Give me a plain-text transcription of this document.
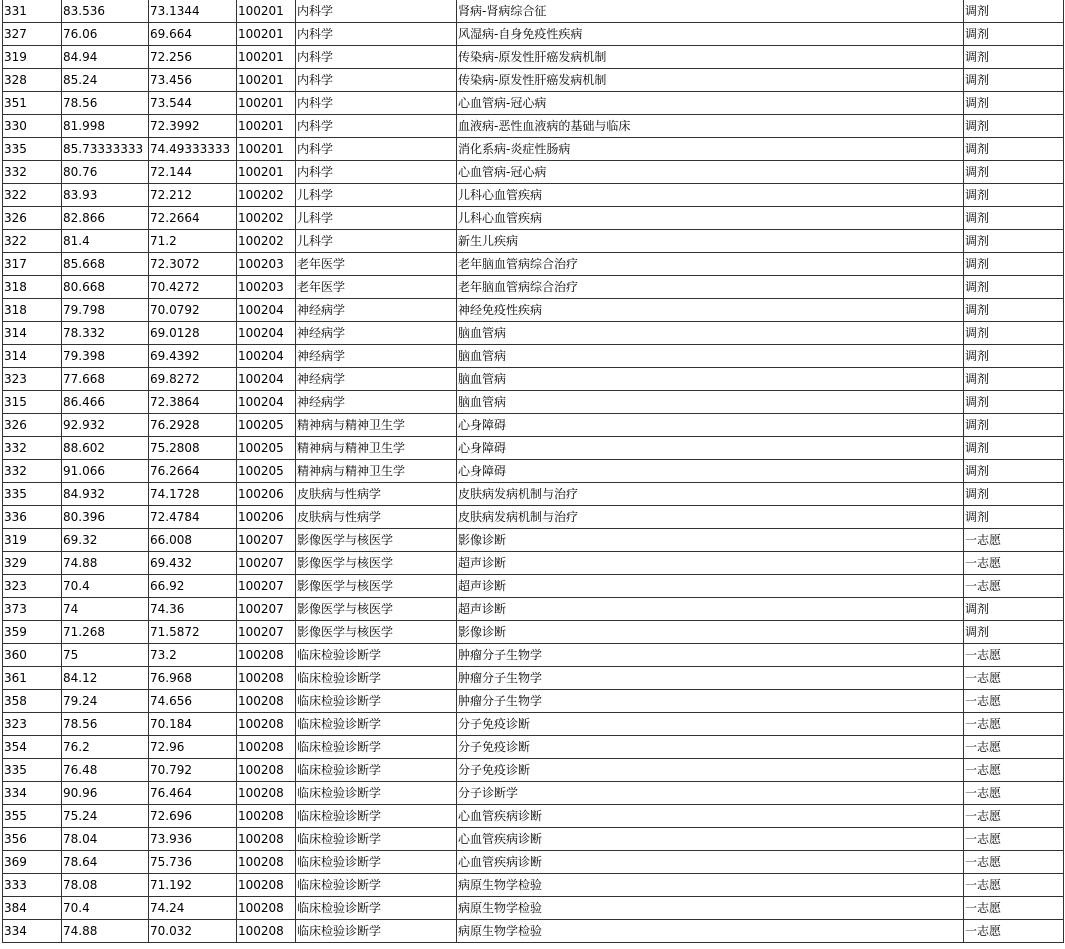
331	83.536	73.1344	100201	内科学	肾病-肾病综合征	调剂
327	76.06	69.664	100201	内科学	风湿病-自身免疫性疾病	调剂
319	84.94	72.256	100201	内科学	传染病-原发性肝癌发病机制	调剂
328	85.24	73.456	100201	内科学	传染病-原发性肝癌发病机制	调剂
351	78.56	73.544	100201	内科学	心血管病-冠心病	调剂
330	81.998	72.3992	100201	内科学	血液病-恶性血液病的基础与临床	调剂
335	85.73333333	74.49333333	100201	内科学	消化系病-炎症性肠病	调剂
332	80.76	72.144	100201	内科学	心血管病-冠心病	调剂
322	83.93	72.212	100202	儿科学	儿科心血管疾病	调剂
326	82.866	72.2664	100202	儿科学	儿科心血管疾病	调剂
322	81.4	71.2	100202	儿科学	新生儿疾病	调剂
317	85.668	72.3072	100203	老年医学	老年脑血管病综合治疗	调剂
318	80.668	70.4272	100203	老年医学	老年脑血管病综合治疗	调剂
318	79.798	70.0792	100204	神经病学	神经免疫性疾病	调剂
314	78.332	69.0128	100204	神经病学	脑血管病	调剂
314	79.398	69.4392	100204	神经病学	脑血管病	调剂
323	77.668	69.8272	100204	神经病学	脑血管病	调剂
315	86.466	72.3864	100204	神经病学	脑血管病	调剂
326	92.932	76.2928	100205	精神病与精神卫生学	心身障碍	调剂
332	88.602	75.2808	100205	精神病与精神卫生学	心身障碍	调剂
332	91.066	76.2664	100205	精神病与精神卫生学	心身障碍	调剂
335	84.932	74.1728	100206	皮肤病与性病学	皮肤病发病机制与治疗	调剂
336	80.396	72.4784	100206	皮肤病与性病学	皮肤病发病机制与治疗	调剂
319	69.32	66.008	100207	影像医学与核医学	影像诊断	一志愿
329	74.88	69.432	100207	影像医学与核医学	超声诊断	一志愿
323	70.4	66.92	100207	影像医学与核医学	超声诊断	一志愿
373	74	74.36	100207	影像医学与核医学	超声诊断	调剂
359	71.268	71.5872	100207	影像医学与核医学	影像诊断	调剂
360	75	73.2	100208	临床检验诊断学	肿瘤分子生物学	一志愿
361	84.12	76.968	100208	临床检验诊断学	肿瘤分子生物学	一志愿
358	79.24	74.656	100208	临床检验诊断学	肿瘤分子生物学	一志愿
323	78.56	70.184	100208	临床检验诊断学	分子免疫诊断	一志愿
354	76.2	72.96	100208	临床检验诊断学	分子免疫诊断	一志愿
335	76.48	70.792	100208	临床检验诊断学	分子免疫诊断	一志愿
334	90.96	76.464	100208	临床检验诊断学	分子诊断学	一志愿
355	75.24	72.696	100208	临床检验诊断学	心血管疾病诊断	一志愿
356	78.04	73.936	100208	临床检验诊断学	心血管疾病诊断	一志愿
369	78.64	75.736	100208	临床检验诊断学	心血管疾病诊断	一志愿
333	78.08	71.192	100208	临床检验诊断学	病原生物学检验	一志愿
384	70.4	74.24	100208	临床检验诊断学	病原生物学检验	一志愿
334	74.88	70.032	100208	临床检验诊断学	病原生物学检验	一志愿
